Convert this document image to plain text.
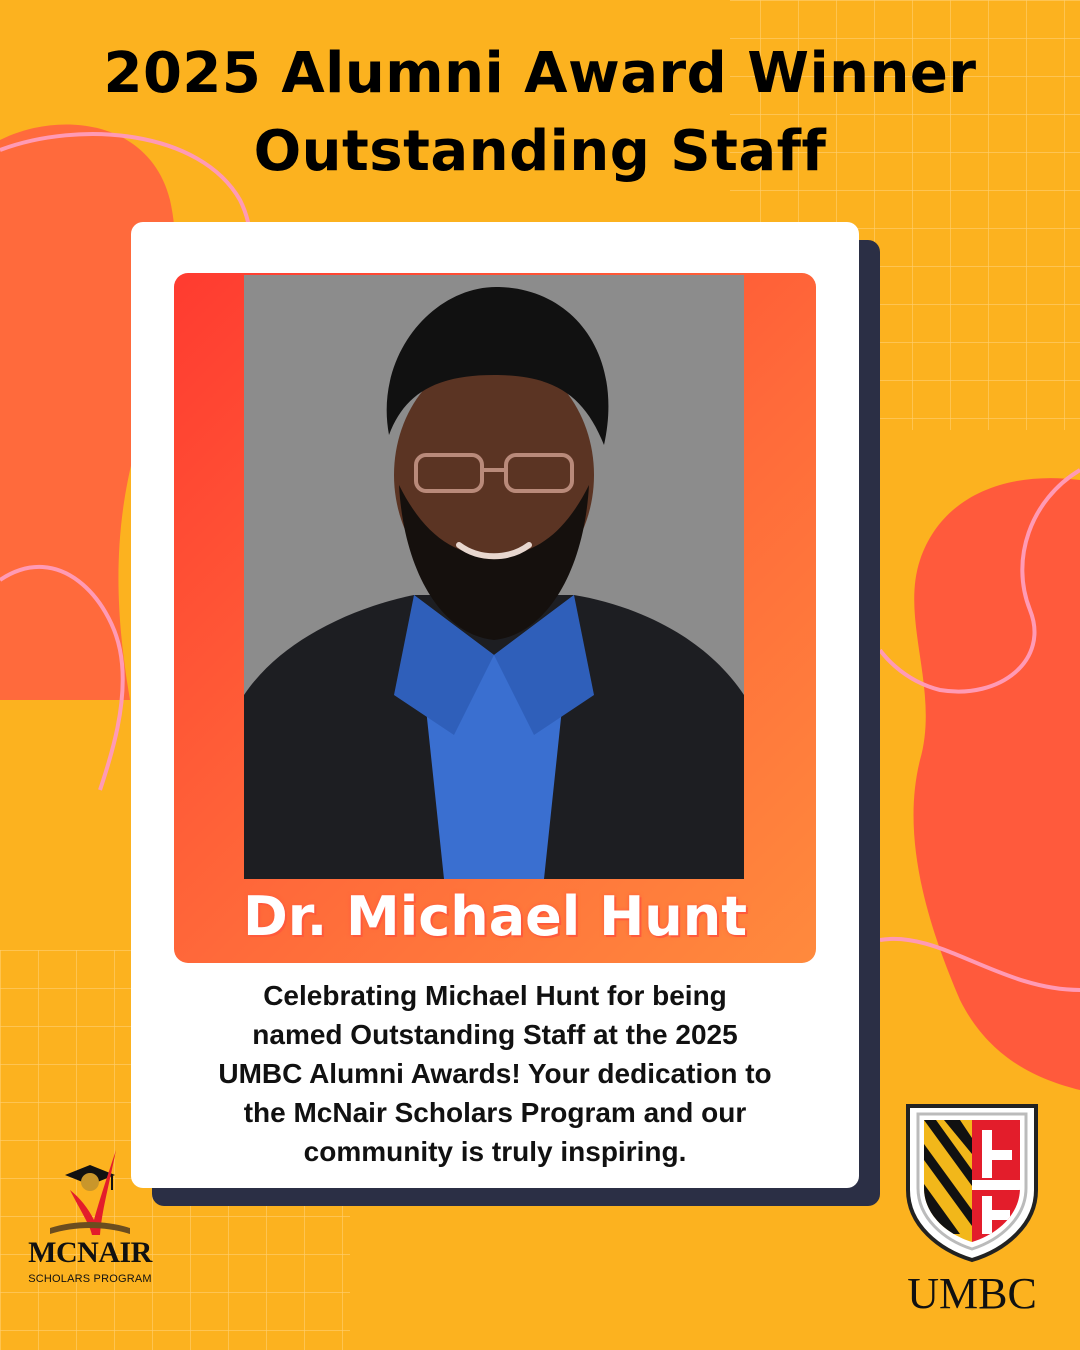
2025 Alumni Award Winner
Outstanding Staff
Dr. Michael Hunt
Celebrating Michael Hunt for being
named Outstanding Staff at the 2025
UMBC Alumni Awards! Your dedication to
the McNair Scholars Program and our
community is truly inspiring.
MCNAIR
SCHOLARS PROGRAM	UMBC
